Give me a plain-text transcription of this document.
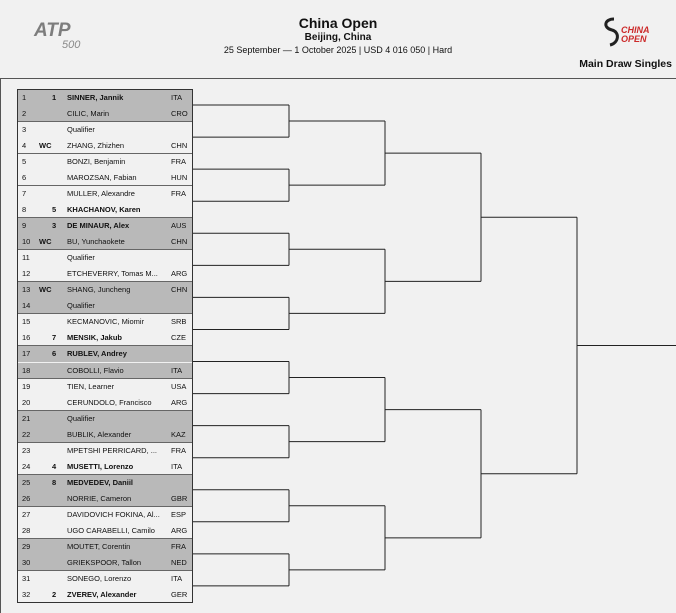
ATP
500
China Open
Beijing, China
25 September — 1 October 2025 | USD 4 016 050 | Hard
CHINA
OPEN
Main Draw Singles
1	1 SINNER, Jannik	ITA
2	CILIC, Marin	CRO
3	Qualifier
4 WC ZHANG, Zhizhen	CHN
5	BONZI, Benjamin	FRA
6	MAROZSAN, Fabian	HUN
7	MULLER, Alexandre	FRA
8	5 KHACHANOV, Karen
9	3 DE MINAUR, Alex	AUS
10 WC BU, Yunchaokete	CHN
11	Qualifier
12	ETCHEVERRY, Tomas M... ARG
13 WC SHANG, Juncheng	CHN
14	Qualifier
15	KECMANOVIC, Miomir	SRB
16	7 MENSIK, Jakub	CZE
17	6 RUBLEV, Andrey
18	COBOLLI, Flavio	ITA
19	TIEN, Learner	USA
20	CERUNDOLO, Francisco	ARG
21	Qualifier
22	BUBLIK, Alexander	KAZ
23	MPETSHI PERRICARD, ... FRA
24	4 MUSETTI, Lorenzo	ITA
25	8 MEDVEDEV, Daniil
26	NORRIE, Cameron	GBR
27	DAVIDOVICH FOKINA, Al... ESP
28	UGO CARABELLI, Camilo ARG
29	MOUTET, Corentin	FRA
30	GRIEKSPOOR, Tallon	NED
31	SONEGO, Lorenzo	ITA
32	2 ZVEREV, Alexander	GER
